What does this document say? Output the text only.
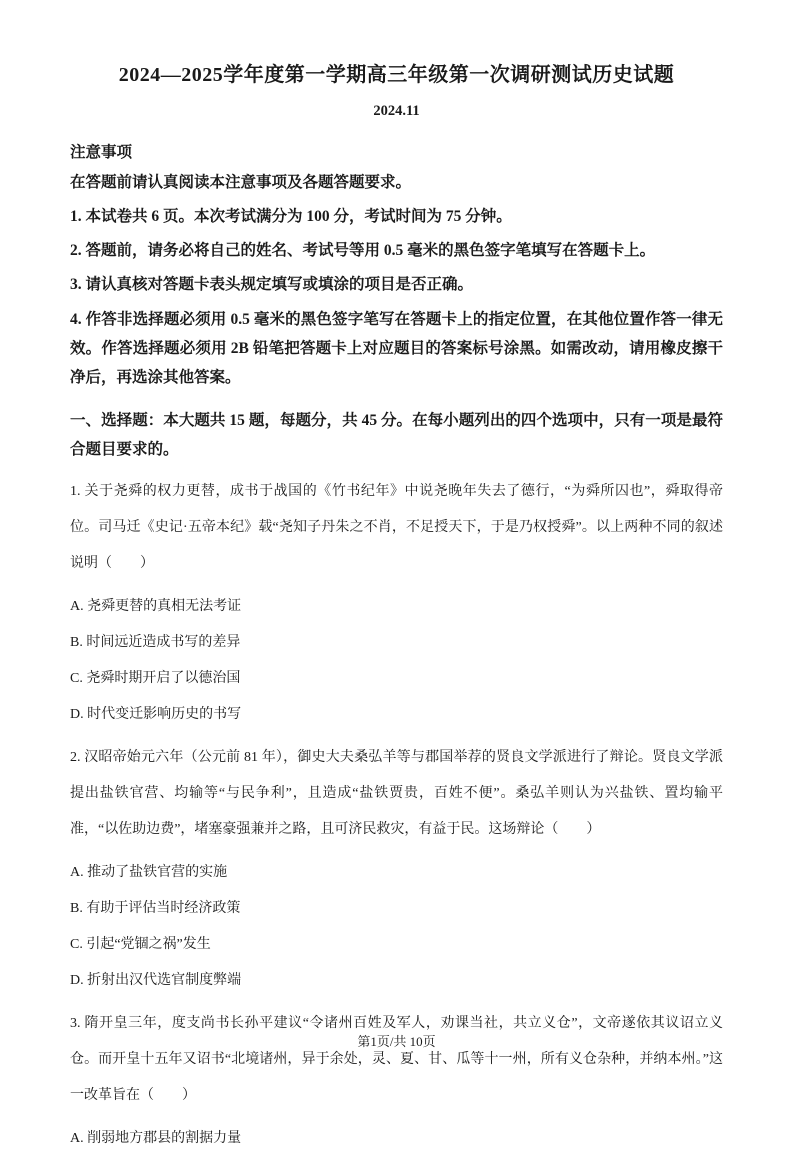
2024—2025学年度第一学期高三年级第一次调研测试历史试题
2024.11
注意事项

在答题前请认真阅读本注意事项及各题答题要求。

1. 本试卷共 6 页。本次考试满分为 100 分，考试时间为 75 分钟。

2. 答题前，请务必将自己的姓名、考试号等用 0.5 毫米的黑色签字笔填写在答题卡上。

3. 请认真核对答题卡表头规定填写或填涂的项目是否正确。

4. 作答非选择题必须用 0.5 毫米的黑色签字笔写在答题卡上的指定位置，在其他位置作答一律无效。作答选择题必须用 2B 铅笔把答题卡上对应题目的答案标号涂黑。如需改动，请用橡皮擦干净后，再选涂其他答案。

一、选择题：本大题共 15 题，每题分，共 45 分。在每小题列出的四个选项中，只有一项是最符合题目要求的。

1. 关于尧舜的权力更替，成书于战国的《竹书纪年》中说尧晚年失去了德行，“为舜所囚也”，舜取得帝位。司马迁《史记·五帝本纪》载“尧知子丹朱之不肖，不足授天下，于是乃权授舜”。以上两种不同的叙述说明（　　）

A. 尧舜更替的真相无法考证

B. 时间远近造成书写的差异

C. 尧舜时期开启了以德治国

D. 时代变迁影响历史的书写

2. 汉昭帝始元六年（公元前 81 年），御史大夫桑弘羊等与郡国举荐的贤良文学派进行了辩论。贤良文学派提出盐铁官营、均输等“与民争利”，且造成“盐铁贾贵，百姓不便”。桑弘羊则认为兴盐铁、置均输平准，“以佐助边费”，堵塞豪强兼并之路，且可济民救灾，有益于民。这场辩论（　　）

A. 推动了盐铁官营的实施

B. 有助于评估当时经济政策

C. 引起“党锢之祸”发生

D. 折射出汉代选官制度弊端

3. 隋开皇三年，度支尚书长孙平建议“令诸州百姓及军人，劝课当社，共立义仓”，文帝遂依其议诏立义仓。而开皇十五年又诏书“北境诸州，异于余处，灵、夏、甘、瓜等十一州，所有义仓杂种，并纳本州。”这一改革旨在（　　）

A. 削弱地方郡县的割据力量

第1页/共 10页
